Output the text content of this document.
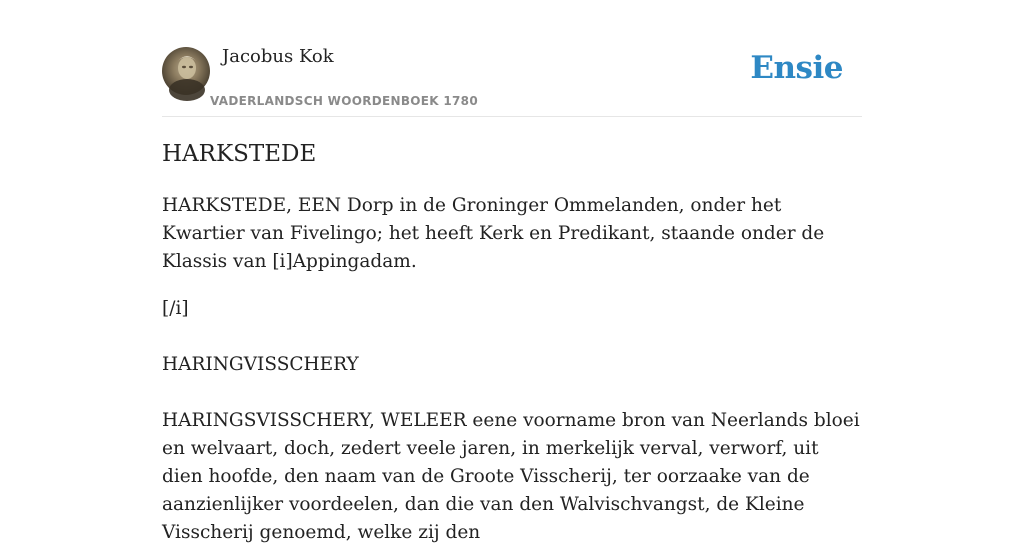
Jacobus Kok
VADERLANDSCH WOORDENBOEK 1780
Ensie
HARKSTEDE

HARKSTEDE, EEN Dorp in de Groninger Ommelanden, onder het Kwartier van Fivelingo; het heeft Kerk en Predikant, staande onder de Klassis van [i]Appingadam.

[/i]

HARINGVISSCHERY

HARINGSVISSCHERY, WELEER eene voorname bron van Neerlands bloei en welvaart, doch, zedert veele jaren, in merkelijk verval, verworf, uit dien hoofde, den naam van de Groote Visscherij, ter oorzaake van de aanzienlijker voordeelen, dan die van den Walvischvangst, de Kleine Visscherij genoemd, welke zij den
